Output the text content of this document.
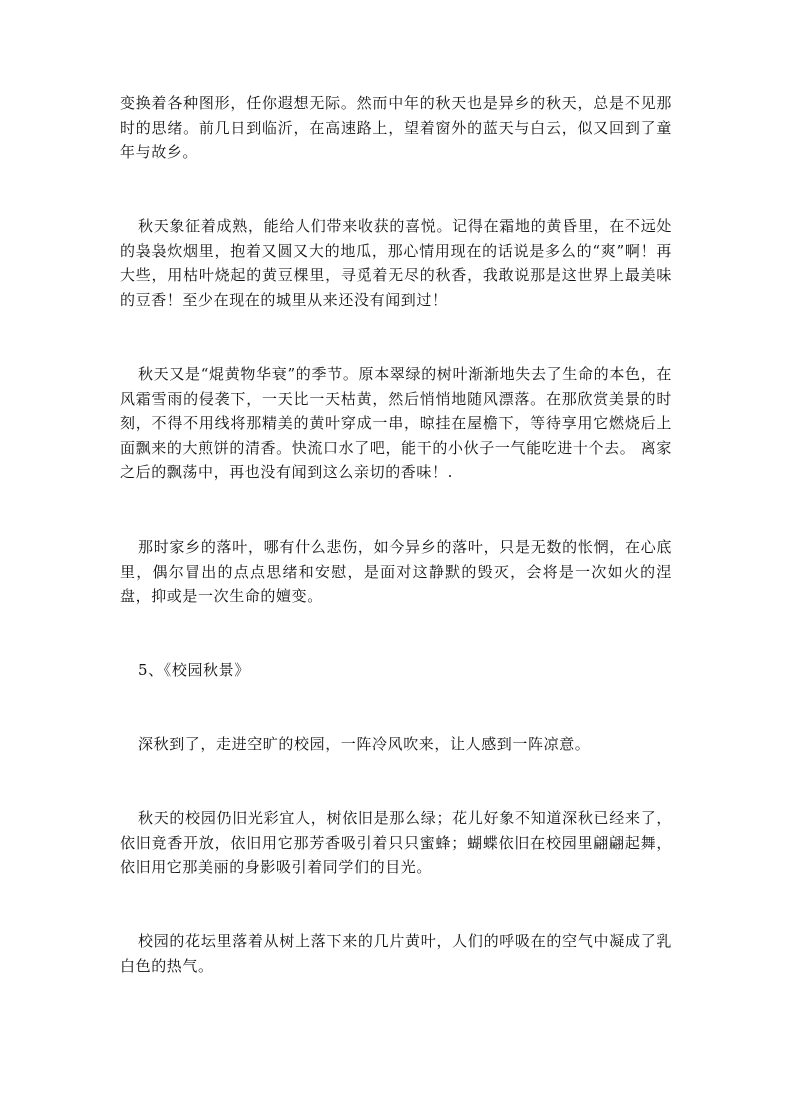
变换着各种图形，任你遐想无际。然而中年的秋天也是异乡的秋天，总是不见那时的思绪。前几日到临沂，在高速路上，望着窗外的蓝天与白云，似又回到了童年与故乡。

秋天象征着成熟，能给人们带来收获的喜悦。记得在霜地的黄昏里，在不远处的袅袅炊烟里，抱着又圆又大的地瓜，那心情用现在的话说是多么的“爽”啊！再大些，用枯叶烧起的黄豆棵里，寻觅着无尽的秋香，我敢说那是这世界上最美味的豆香！至少在现在的城里从来还没有闻到过！

秋天又是“焜黄物华衰”的季节。原本翠绿的树叶渐渐地失去了生命的本色，在风霜雪雨的侵袭下，一天比一天枯黄，然后悄悄地随风漂落。在那欣赏美景的时刻，不得不用线将那精美的黄叶穿成一串，晾挂在屋檐下，等待享用它燃烧后上面飘来的大煎饼的清香。快流口水了吧，能干的小伙子一气能吃进十个去。 离家之后的飘荡中，再也没有闻到这么亲切的香味！.

那时家乡的落叶，哪有什么悲伤，如今异乡的落叶，只是无数的怅惘，在心底里，偶尔冒出的点点思绪和安慰，是面对这静默的毁灭，会将是一次如火的涅盘，抑或是一次生命的嬗变。

5、《校园秋景》

深秋到了，走进空旷的校园，一阵冷风吹来，让人感到一阵凉意。

秋天的校园仍旧光彩宜人，树依旧是那么绿；花儿好象不知道深秋已经来了，依旧竟香开放，依旧用它那芳香吸引着只只蜜蜂；蝴蝶依旧在校园里翩翩起舞，依旧用它那美丽的身影吸引着同学们的目光。

校园的花坛里落着从树上落下来的几片黄叶，人们的呼吸在的空气中凝成了乳白色的热气。
